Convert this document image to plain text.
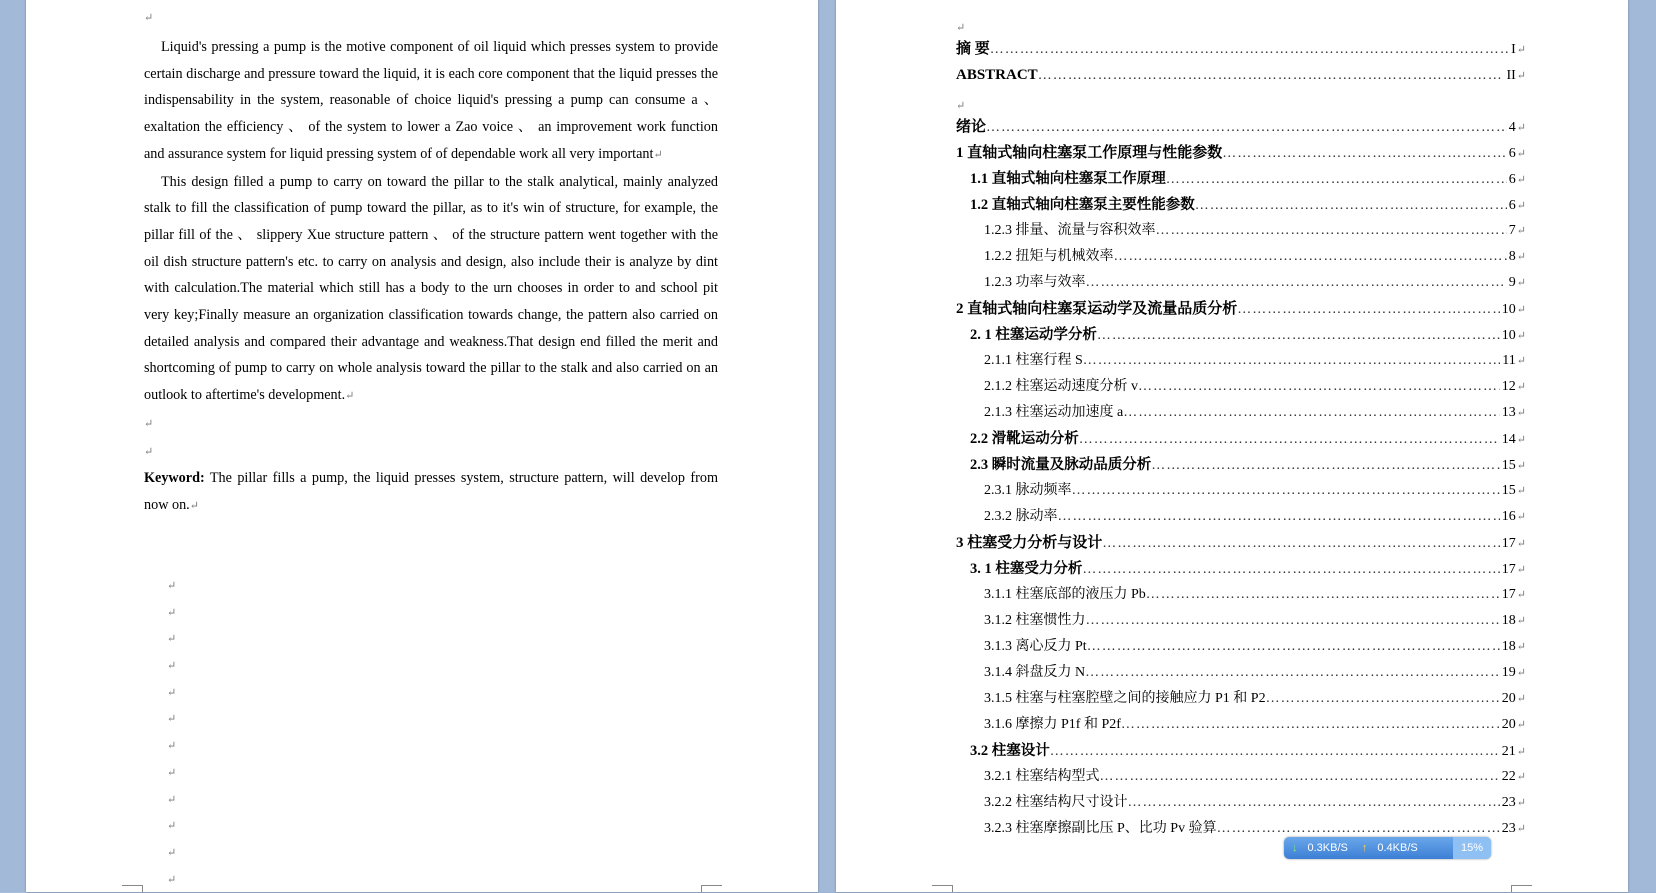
↵

Liquid's pressing a pump is the motive component of oil liquid which presses system to provide certain discharge and pressure toward the liquid, it is each core component that the liquid presses the indispensability in the system, reasonable of choice liquid's pressing a pump can consume a 、 exaltation the efficiency 、 of the system to lower a Zao voice 、 an improvement work function and assurance system for liquid pressing system of of dependable work all very important↵

This design filled a pump to carry on toward the pillar to the stalk analytical, mainly analyzed stalk to fill the classification of pump toward the pillar, as to it's win of structure, for example, the pillar fill of the 、 slippery Xue structure pattern 、 of the structure pattern went together with the oil dish structure pattern's etc. to carry on analysis and design, also include their is analyze by dint with calculation.The material which still has a body to the urn chooses in order to and school pit very key;Finally measure an organization classification towards change, the pattern also carried on detailed analysis and compared their advantage and weakness.That design end filled the merit and shortcoming of pump to carry on whole analysis toward the pillar to the stalk and also carried on an outlook to aftertime's development.↵

↵
↵

Keyword: The pillar fills a pump, the liquid presses system, structure pattern, will develop from now on.↵

↵
↵
↵
↵
↵
↵
↵
↵
↵
↵
↵
↵
摘 要 ……………………………………………………………………………………………………………………………………………………………………	I ↵
ABSTRACT ……………………………………………………………………………………………………………………………………………………………………	II ↵
绪论 ……………………………………………………………………………………………………………………………………………………………………	4 ↵
1 直轴式轴向柱塞泵工作原理与性能参数 ……………………………………………………………………………………………………………………………………………………………………	6 ↵
1.1 直轴式轴向柱塞泵工作原理 ……………………………………………………………………………………………………………………………………………………………………	6 ↵
1.2 直轴式轴向柱塞泵主要性能参数 ……………………………………………………………………………………………………………………………………………………………………	6 ↵
1.2.3 排量、流量与容积效率 ……………………………………………………………………………………………………………………………………………………………………	7 ↵
1.2.2 扭矩与机械效率 ……………………………………………………………………………………………………………………………………………………………………	8 ↵
1.2.3 功率与效率 ……………………………………………………………………………………………………………………………………………………………………	9 ↵
2 直轴式轴向柱塞泵运动学及流量品质分析 ……………………………………………………………………………………………………………………………………………………………………	10 ↵
2. 1 柱塞运动学分析 ……………………………………………………………………………………………………………………………………………………………………	10 ↵
2.1.1 柱塞行程 S ……………………………………………………………………………………………………………………………………………………………………	11 ↵
2.1.2 柱塞运动速度分析 v ……………………………………………………………………………………………………………………………………………………………………	12 ↵
2.1.3 柱塞运动加速度 a ……………………………………………………………………………………………………………………………………………………………………	13 ↵
2.2 滑靴运动分析 ……………………………………………………………………………………………………………………………………………………………………	14 ↵
2.3 瞬时流量及脉动品质分析 ……………………………………………………………………………………………………………………………………………………………………	15 ↵
2.3.1 脉动频率 ……………………………………………………………………………………………………………………………………………………………………	15 ↵
2.3.2 脉动率 ……………………………………………………………………………………………………………………………………………………………………	16 ↵
3 柱塞受力分析与设计 ……………………………………………………………………………………………………………………………………………………………………	17 ↵
3. 1 柱塞受力分析 ……………………………………………………………………………………………………………………………………………………………………	17 ↵
3.1.1 柱塞底部的液压力 Pb ……………………………………………………………………………………………………………………………………………………………………	17 ↵
3.1.2 柱塞惯性力 ……………………………………………………………………………………………………………………………………………………………………	18 ↵
3.1.3 离心反力 Pt ……………………………………………………………………………………………………………………………………………………………………	18 ↵
3.1.4 斜盘反力 N ……………………………………………………………………………………………………………………………………………………………………	19 ↵
3.1.5 柱塞与柱塞腔壁之间的接触应力 P1 和 P2 ……………………………………………………………………………………………………………………………………………………………………	20 ↵
3.1.6 摩擦力 P1f 和 P2f ……………………………………………………………………………………………………………………………………………………………………	20 ↵
3.2 柱塞设计 ……………………………………………………………………………………………………………………………………………………………………	21 ↵
3.2.1 柱塞结构型式 ……………………………………………………………………………………………………………………………………………………………………	22 ↵
3.2.2 柱塞结构尺寸设计 ……………………………………………………………………………………………………………………………………………………………………	23 ↵
3.2.3 柱塞摩擦副比压 P、比功 Pv 验算 ……………………………………………………………………………………………………………………………………………………………………	23 ↵
↵
↵
↓ 0.3KB/S ↑ 0.4KB/S	15%
